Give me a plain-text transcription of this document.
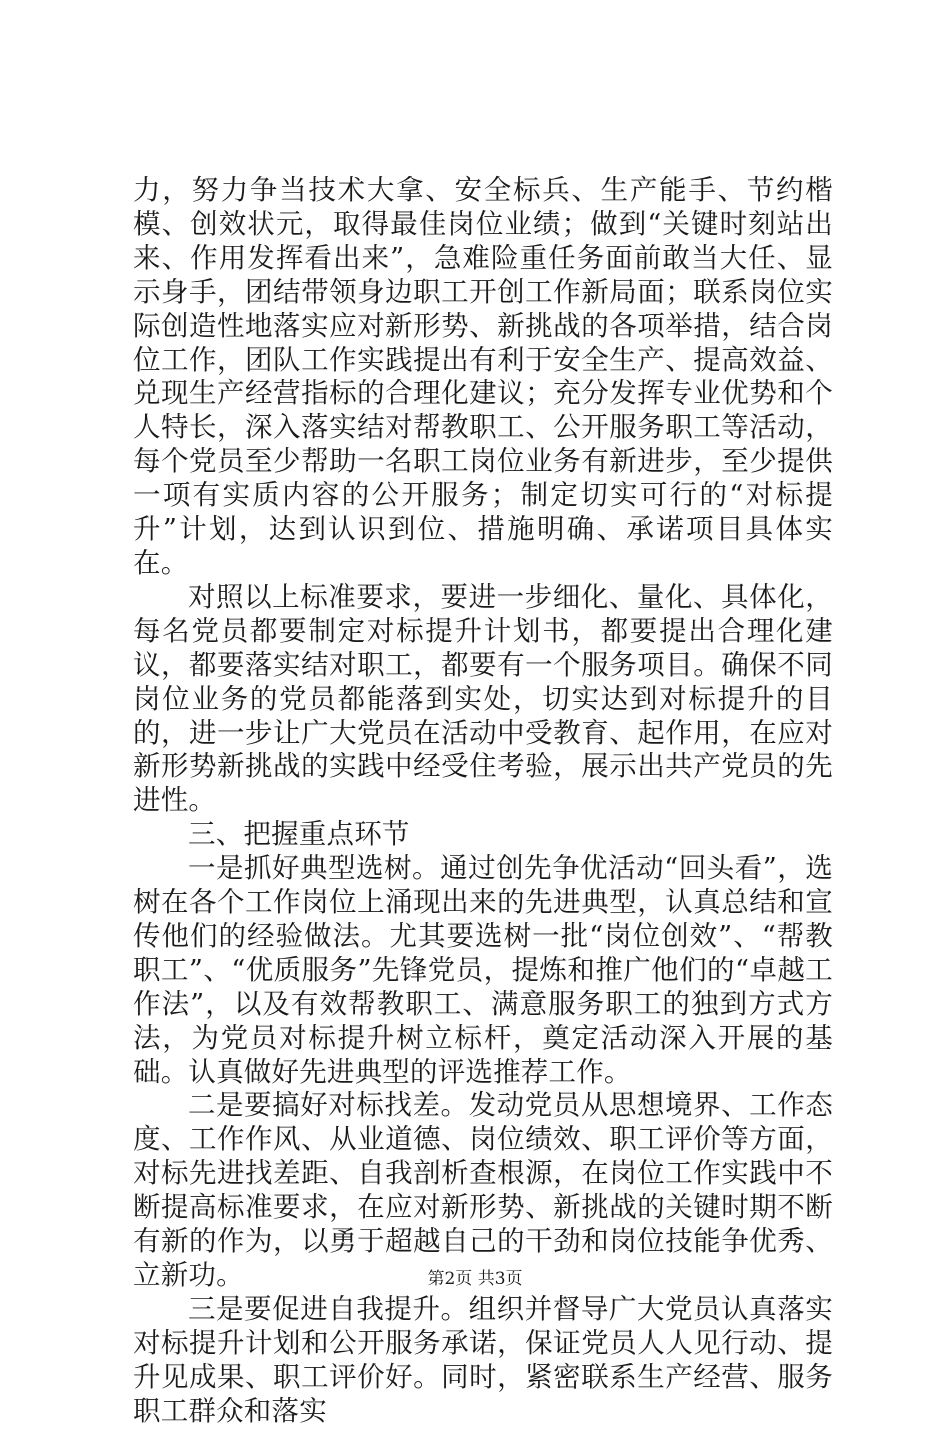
力，努力争当技术大拿、安全标兵、生产能手、节约楷模、创效状元，取得最佳岗位业绩；做到“关键时刻站出来、作用发挥看出来”，急难险重任务面前敢当大任、显示身手，团结带领身边职工开创工作新局面；联系岗位实际创造性地落实应对新形势、新挑战的各项举措，结合岗位工作，团队工作实践提出有利于安全生产、提高效益、兑现生产经营指标的合理化建议；充分发挥专业优势和个人特长，深入落实结对帮教职工、公开服务职工等活动，每个党员至少帮助一名职工岗位业务有新进步，至少提供一项有实质内容的公开服务；制定切实可行的“对标提升”计划，达到认识到位、措施明确、承诺项目具体实在。

对照以上标准要求，要进一步细化、量化、具体化，每名党员都要制定对标提升计划书，都要提出合理化建议，都要落实结对职工，都要有一个服务项目。确保不同岗位业务的党员都能落到实处，切实达到对标提升的目的，进一步让广大党员在活动中受教育、起作用，在应对新形势新挑战的实践中经受住考验，展示出共产党员的先进性。

三、把握重点环节

一是抓好典型选树。通过创先争优活动“回头看”，选树在各个工作岗位上涌现出来的先进典型，认真总结和宣传他们的经验做法。尤其要选树一批“岗位创效”、“帮教职工”、“优质服务”先锋党员，提炼和推广他们的“卓越工作法”，以及有效帮教职工、满意服务职工的独到方式方法，为党员对标提升树立标杆，奠定活动深入开展的基础。认真做好先进典型的评选推荐工作。

二是要搞好对标找差。发动党员从思想境界、工作态度、工作作风、从业道德、岗位绩效、职工评价等方面，对标先进找差距、自我剖析查根源，在岗位工作实践中不断提高标准要求，在应对新形势、新挑战的关键时期不断有新的作为，以勇于超越自己的干劲和岗位技能争优秀、立新功。

三是要促进自我提升。组织并督导广大党员认真落实对标提升计划和公开服务承诺，保证党员人人见行动、提升见成果、职工评价好。同时，紧密联系生产经营、服务职工群众和落实

第2页 共3页
